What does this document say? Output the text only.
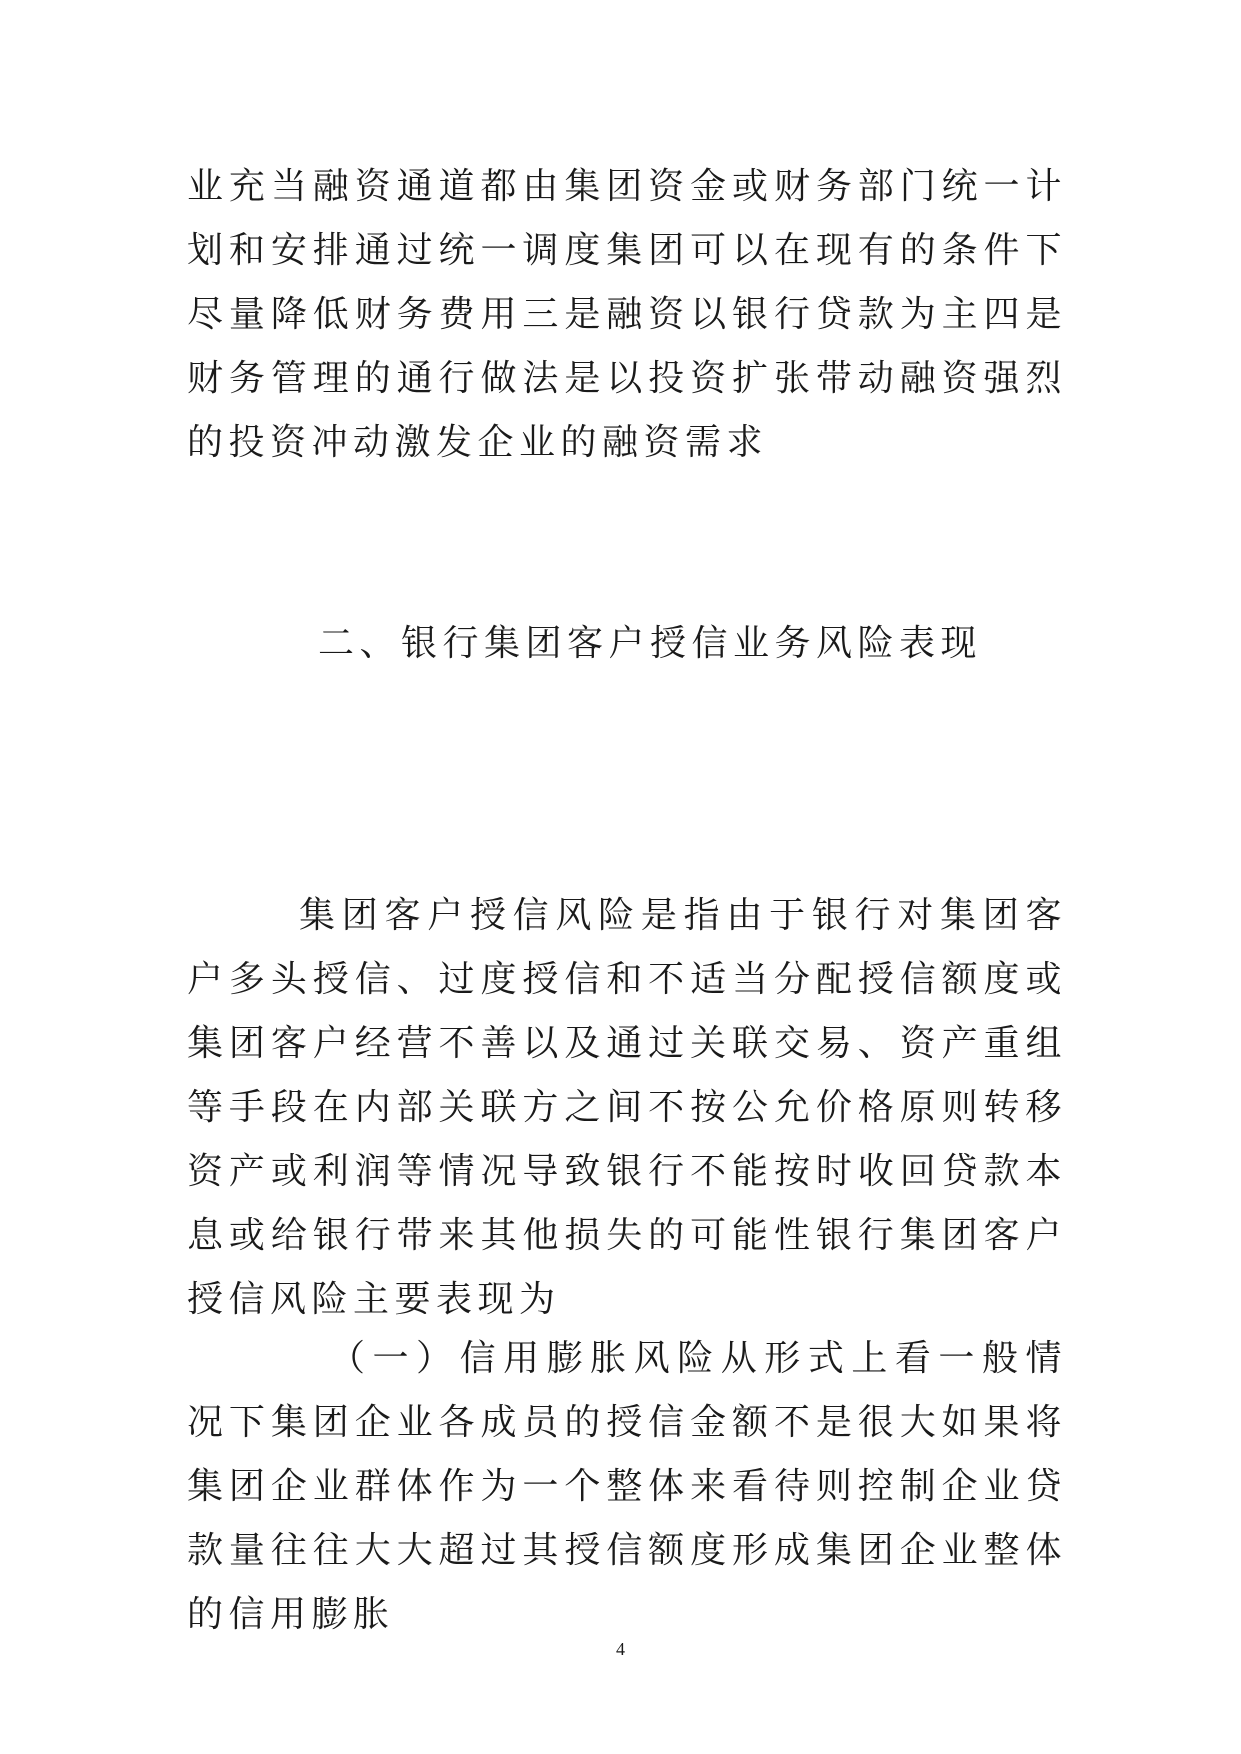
业充当融资通道都由集团资金或财务部门统一计划和安排通过统一调度集团可以在现有的条件下尽量降低财务费用三是融资以银行贷款为主四是财务管理的通行做法是以投资扩张带动融资强烈的投资冲动激发企业的融资需求

二、银行集团客户授信业务风险表现

集团客户授信风险是指由于银行对集团客户多头授信、过度授信和不适当分配授信额度或集团客户经营不善以及通过关联交易、资产重组等手段在内部关联方之间不按公允价格原则转移资产或利润等情况导致银行不能按时收回贷款本息或给银行带来其他损失的可能性银行集团客户授信风险主要表现为

（一）信用膨胀风险从形式上看一般情况下集团企业各成员的授信金额不是很大如果将集团企业群体作为一个整体来看待则控制企业贷款量往往大大超过其授信额度形成集团企业整体的信用膨胀

4
